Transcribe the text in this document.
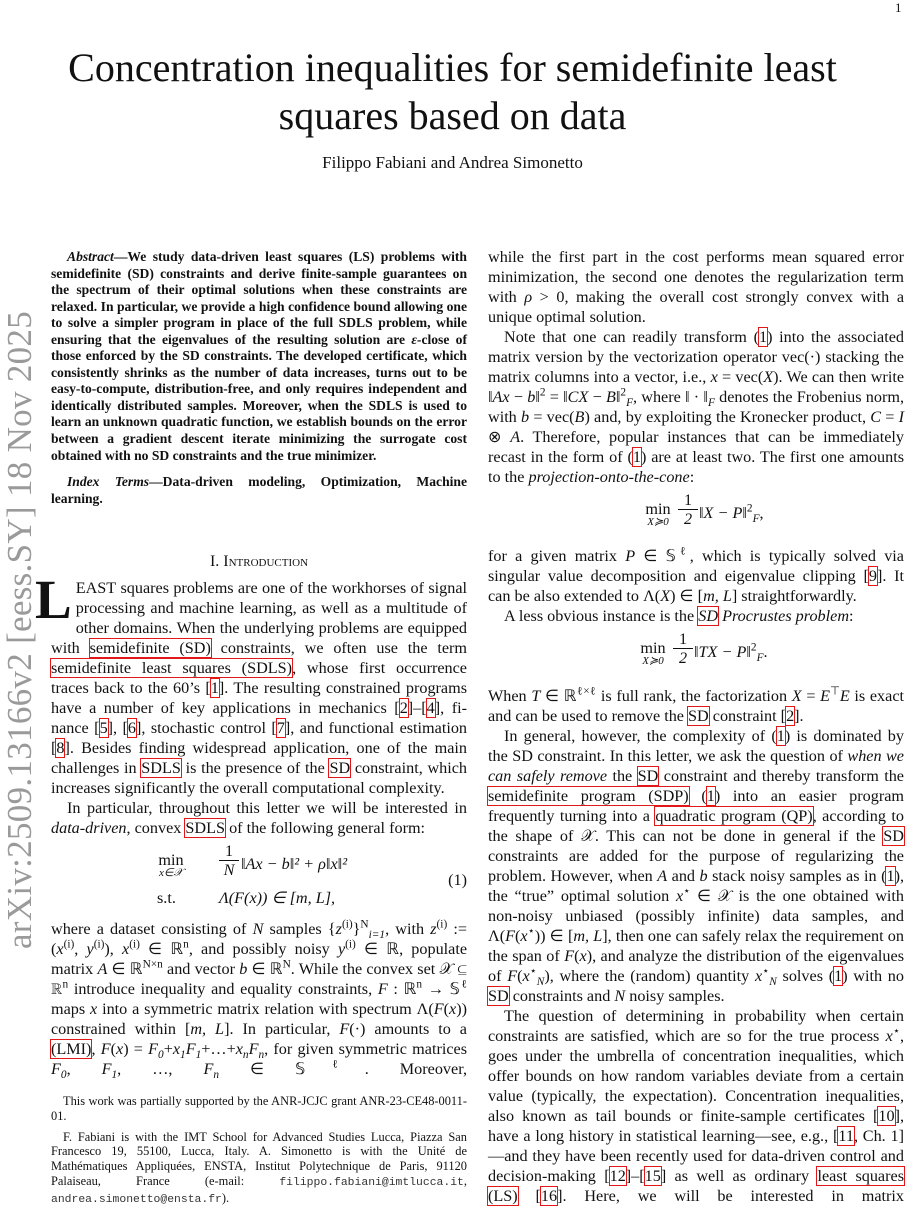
1
arXiv:2509.13166v2 [eess.SY] 18 Nov 2025
Concentration inequalities for semidefinite least squares based on data
Filippo Fabiani and Andrea Simonetto

Abstract—We study data-driven least squares (LS) problems with semidefinite (SD) constraints and derive finite-sample guarantees on the spectrum of their optimal solutions when these constraints are relaxed. In particular, we provide a high confidence bound allowing one to solve a simpler program in place of the full SDLS problem, while ensuring that the eigenvalues of the resulting solution are ε-close of those enforced by the SD constraints. The developed certificate, which consistently shrinks as the number of data increases, turns out to be easy-to-compute, distribution-free, and only requires independent and identically distributed samples. Moreover, when the SDLS is used to learn an unknown quadratic function, we establish bounds on the error between a gradient descent iterate minimizing the surrogate cost obtained with no SD constraints and the true minimizer.

Index Terms—Data-driven modeling, Optimization, Machine learning.

I. Introduction

LEAST squares problems are one of the workhorses of signal processing and machine learning, as well as a multitude of other domains. When the underlying problems are equipped with semidefinite (SD) constraints, we often use the term semidefinite least squares (SDLS), whose first occurrence traces back to the 60’s [1]. The resulting constrained programs have a number of key applications in mechanics [2]–[4], finance [5], [6], stochastic control [7], and functional estimation [8]. Besides finding widespread application, one of the main challenges in SDLS is the presence of the SD constraint, which increases significantly the overall computational complexity.

In particular, throughout this letter we will be interested in data-driven, convex SDLS of the following general form:

min
x∈𝒳	$\frac{1}{N}$ ‖Ax − b‖² + ρ‖x‖²
(1)
s.t.	Λ(F(x)) ∈ [m, L],

where a dataset consisting of N samples $\{z^{(i)}\}^N_{i=1}$, with $z^{(i)}$ := ($x^{(i)}$, $y^{(i)}$), $x^{(i)}$ ∈ ℝ$^n$, and possibly noisy $y^{(i)}$ ∈ ℝ, populate matrix A ∈ ℝ$^{N\times n}$ and vector b ∈ ℝ$^N$. While the convex set 𝒳 ⊆ ℝ$^n$ introduce inequality and equality constraints, F : ℝ$^n$ → 𝕊$^\ell$ maps x into a symmetric matrix relation with spectrum Λ(F(x)) constrained within [m, L]. In particular, F(·) amounts to a (LMI), $F(x) = F_0+x_1F_1+\dots+x_nF_n$, for given symmetric matrices $F_0$, $F_1$, …, $F_n$ ∈ 𝕊$^\ell$. Moreover,

This work was partially supported by the ANR-JCJC grant ANR-23-CE48-0011-01.

F. Fabiani is with the IMT School for Advanced Studies Lucca, Piazza San Francesco 19, 55100, Lucca, Italy. A. Simonetto is with the Unité de Mathématiques Appliquées, ENSTA, Institut Polytechnique de Paris, 91120 Palaiseau, France (e-mail: filippo.fabiani@imtlucca.it, andrea.simonetto@ensta.fr).

while the first part in the cost performs mean squared error minimization, the second one denotes the regularization term with ρ > 0, making the overall cost strongly convex with a unique optimal solution.

Note that one can readily transform (1) into the associated matrix version by the vectorization operator vec(·) stacking the matrix columns into a vector, i.e., x = vec(X). We can then write ‖Ax − b‖$^2$ = ‖CX − B‖$^2_F$, where ‖ · $‖_F$ denotes the Frobenius norm, with b = vec(B) and, by exploiting the Kronecker product, C = I ⊗ A. Therefore, popular instances that can be immediately recast in the form of (1) are at least two. The first one amounts to the projection-onto-the-cone:

min
X≽0 $\frac{1}{2}$ ‖X − P‖$^2_F$,

for a given matrix P ∈ 𝕊$^\ell$, which is typically solved via singular value decomposition and eigenvalue clipping [9]. It can be also extended to Λ(X) ∈ [m, L] straightforwardly.

A less obvious instance is the SD Procrustes problem:

min
X≽0 $\frac{1}{2}$ ‖TX − P‖$^2_F$.

When T ∈ ℝ$^{\ell\times\ell}$ is full rank, the factorization X = E⊤E is exact and can be used to remove the SD constraint [2].

In general, however, the complexity of (1) is dominated by the SD constraint. In this letter, we ask the question of when we can safely remove the SD constraint and thereby transform the semidefinite program (SDP) (1) into an easier program frequently turning into a quadratic program (QP), according to the shape of 𝒳. This can not be done in general if the SD constraints are added for the purpose of regularizing the problem. However, when A and b stack noisy samples as in (1), the “true” optimal solution x⋆ ∈ 𝒳 is the one obtained with non-noisy unbiased (possibly infinite) data samples, and Λ(F(x⋆)) ∈ [m, L], then one can safely relax the requirement on the span of F(x), and analyze the distribution of the eigenvalues of $F(x^⋆_N)$, where the (random) quantity $x^⋆_N$ solves (1) with no SD constraints and N noisy samples.

The question of determining in probability when certain constraints are satisfied, which are so for the true process x⋆, goes under the umbrella of concentration inequalities, which offer bounds on how random variables deviate from a certain value (typically, the expectation). Concentration inequalities, also known as tail bounds or finite-sample certificates [10], have a long history in statistical learning—see, e.g., [11, Ch. 1]—and they have been recently used for data-driven control and decision-making [12]–[15] as well as ordinary least squares (LS) [16]. Here, we will be interested in matrix
